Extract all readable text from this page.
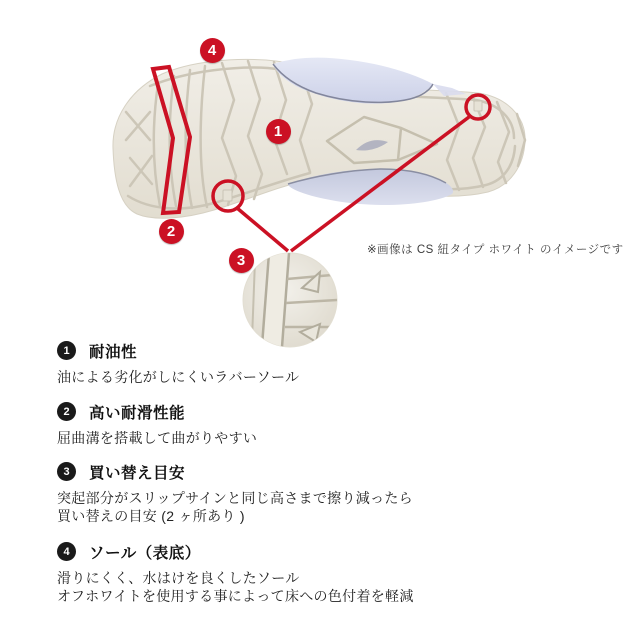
1
2
3
4
※画像は CS 紐タイプ ホワイト のイメージです
1	耐油性

油による劣化がしにくいラバーソール

2	高い耐滑性能

屈曲溝を搭載して曲がりやすい

3	買い替え目安

突起部分がスリップサインと同じ高さまで擦り減ったら

買い替えの目安 (2 ヶ所あり )

4	ソール（表底）

滑りにくく、水はけを良くしたソール

オフホワイトを使用する事によって床への色付着を軽減
